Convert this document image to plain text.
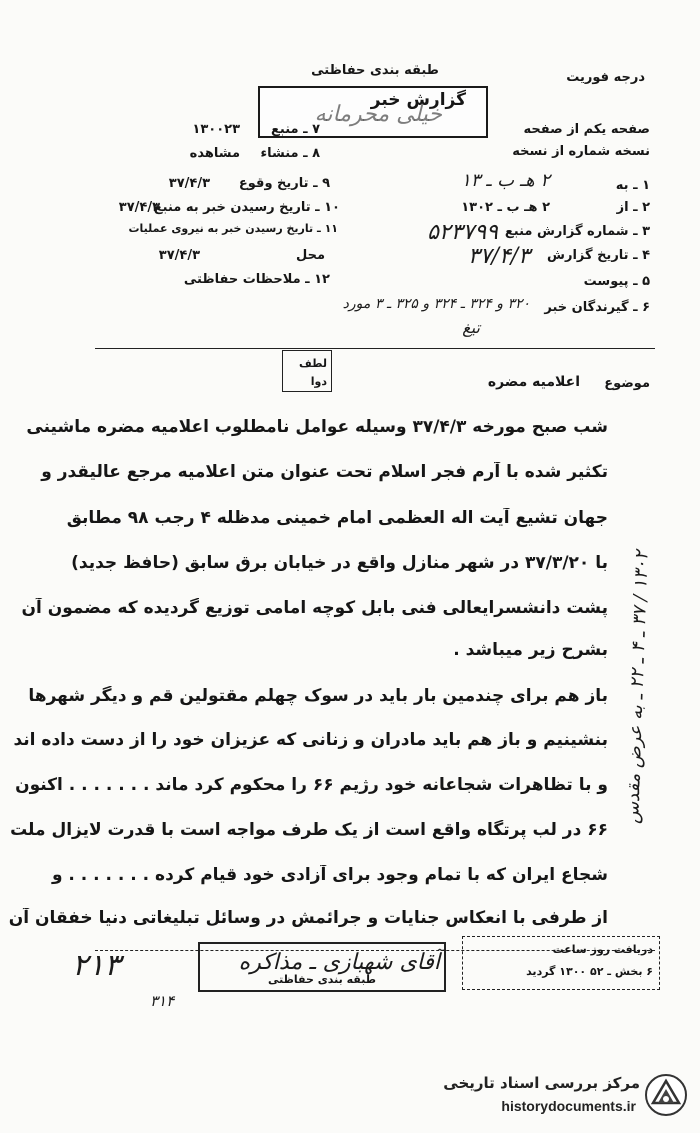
طبقه بندی حفاظتی	درجه فوریت
گزارش خبر
خیلی محرمانه
صفحه یکم از صفحه
نسخه شماره از نسخه
۷ ـ منبع
۱۳۰۰۲۳
۸ ـ منشاء
مشاهده
۱ ـ به
۲ هـ ب ـ ۱۳
۲ ـ از
۲ هـ ب ـ ۱۳۰۲
۳ ـ شماره گزارش منبع
۵۲۳۷۹۹
۴ ـ تاریخ گزارش
۳۷/۴/۳
۵ ـ پیوست
۶ ـ گیرندگان خبر
۳۲۰ و ۳۲۴ ـ ۳۲۴ و ۳۲۵ ـ ۳ مورد
تیغ
۹ ـ تاریخ وقوع
۳۷/۴/۳
۱۰ ـ تاریخ رسیدن خبر به منبع
۳۷/۴/۳
۱۱ ـ تاریخ رسیدن خبر به نیروی عملیات
محل
۳۷/۴/۳
۱۲ ـ ملاحظات حفاظتی
لطف
دوا	موضوع
اعلامیه مضره
شب صبح مورخه ۳۷/۴/۳ وسیله عوامل نامطلوب اعلامیه مضره ماشینی
تکثیر شده با آرم فجر اسلام تحت عنوان متن اعلامیه مرجع عالیقدر و
جهان تشیع آیت اله العظمی امام خمینی مدظله ۴ رجب ۹۸ مطابق
با ۳۷/۳/۲۰ در شهر منازل واقع در خیابان برق سابق (حافظ جدید)
پشت دانشسرایعالی فنی بابل کوچه امامی توزیع گردیده که مضمون آن
بشرح زیر میباشد .
باز هم برای چندمین بار باید در سوک چهلم مقتولین قم و دیگر شهرها
بنشینیم و باز هم باید مادران و زنانی که عزیزان خود را از دست داده اند
و با تظاهرات شجاعانه خود رژیم ۶۶ را محکوم کرد ماند . . . . . . . اکنون
۶۶ در لب پرتگاه واقع است از یک طرف مواجه است با قدرت لایزال ملت
شجاع ایران که با تمام وجود برای آزادی خود قیام کرده . . . . . . . و
از طرفی با انعکاس جنایات و جرائمش در وسائل تبلیغاتی دنیا خفقان آن
۱۳۰۲ / ۳۷ ـ ۴ ـ ۲۲ ـ به عرض مقدس
۲۱۳
۳۱۴
آقای شهبازی ـ مذاکره
طبقه بندی حفاظتی
دریافت روز ساعت
۶ بخش ـ ۵۲ ۱۳۰۰ گردید
مرکز بررسی اسناد تاریخی
historydocuments.ir
